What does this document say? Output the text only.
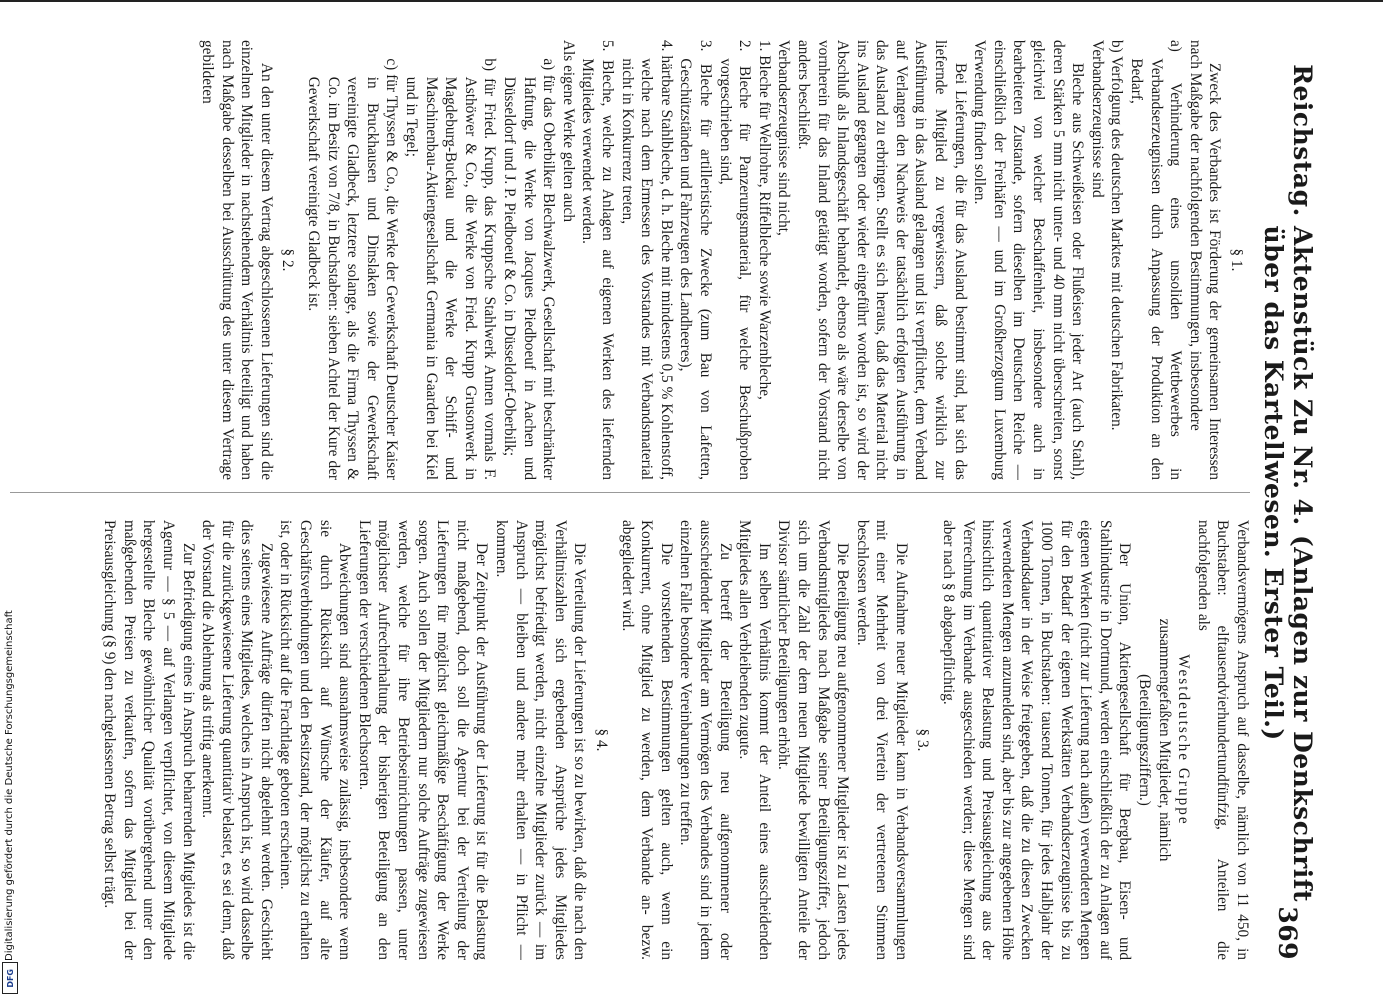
Reichstag. Aktenstück Zu Nr. 4. (Anlagen zur Denkschrift über das Kartellwesen. Erster Teil.)
369

§ 1.

Zweck des Verbandes ist Förderung der gemeinsamen Interessen nach Maßgabe der nachfolgenden Bestimmungen, insbesondere

a) Verhinderung eines unsoliden Wettbewerbes in Verbandserzeugnissen durch Anpassung der Produktion an den Bedarf,

b) Verfolgung des deutschen Marktes mit deutschen Fabrikaten.

Verbandserzeugnisse sind

Bleche aus Schweißeisen oder Flußeisen jeder Art (auch Stahl), deren Stärken 5 mm nicht unter- und 40 mm nicht überschreiten, sonst gleichviel von welcher Beschaffenheit, insbesondere auch in bearbeiteten Zustande, sofern dieselben im Deutschen Reiche — einschließlich der Freihäfen — und im Großherzogtum Luxemburg Verwendung finden sollen.

Bei Lieferungen, die für das Ausland bestimmt sind, hat sich das liefernde Mitglied zu vergewissern, daß solche wirklich zur Ausführung in das Ausland gelangen und ist verpflichtet, dem Verband auf Verlangen den Nachweis der tatsächlich erfolgten Ausführung in das Ausland zu erbringen. Stellt es sich heraus, daß das Material nicht ins Ausland gegangen oder wieder eingeführt worden ist, so wird der Abschluß als Inlandsgeschäft behandelt, ebenso als wäre derselbe von vornherein für das Inland getätigt worden, sofern der Vorstand nicht anders beschließt.

Verbandserzeugnisse sind nicht,

1. Bleche für Wellrohre, Riffelbleche sowie Warzenbleche,

2. Bleche für Panzerungsmaterial, für welche Beschußproben vorgeschrieben sind,

3. Bleche für artilleristische Zwecke (zum Bau von Lafetten, Geschützständen und Fahrzeugen des Landheeres),

4. härtbare Stahlbleche, d. h. Bleche mit mindestens 0,5 % Kohlenstoff, welche nach dem Ermessen des Vorstandes mit Verbandsmaterial nicht in Konkurrenz treten,

5. Bleche, welche zu Anlagen auf eigenen Werken des liefernden Mitgliedes verwendet werden.

Als eigene Werke gelten auch

a) für das Oberbilker Blechwalzwerk, Gesellschaft mit beschränkter Haftung, die Werke von Jacques Piedboeuf in Aachen und Düsseldorf und J. P. Piedboeuf & Co. in Düsseldorf-Oberbilk;

b) für Fried. Krupp, das Kruppsche Stahlwerk Annen vormals F. Asthöwer & Co., die Werke von Fried. Krupp Grusonwerk in Magdeburg-Buckau und die Werke der Schiff- und Maschinenbau-Aktiengesellschaft Germania in Gaarden bei Kiel und in Tegel;

c) für Thyssen & Co., die Werke der Gewerkschaft Deutscher Kaiser in Bruckhausen und Dinslaken sowie der Gewerkschaft vereinigte Gladbeck, letztere solange, als die Firma Thyssen & Co. im Besitz von 7/8, in Buchstaben: sieben Achtel der Kure der Gewerkschaft vereinigte Gladbeck ist.

§ 2.

An den unter diesem Vertrag abgeschlossenen Lieferungen sind die einzelnen Mitglieder in nachstehendem Verhältnis beteiligt und haben nach Maßgabe desselben bei Ausschüttung des unter diesem Vertrage gebildeten

Verbandsvermögens Anspruch auf dasselbe, nämlich von 11 450, in Buchstaben: elftausendvierhundertundfünfzig, Anteilen die nachfolgenden als

Westdeutsche Gruppe

zusammengefaßten Mitglieder, nämlich

(Beteiligungsziffern.)

Der Union, Aktiengesellschaft für Bergbau, Eisen- und Stahlindustrie in Dortmund, werden einschließlich der zu Anlagen auf eigenen Werken (nicht zur Lieferung nach außen) verwendeten Mengen für den Bedarf der eigenen Werkstätten Verbandserzeugnisse bis zu 1000 Tonnen, in Buchstaben: tausend Tonnen, für jedes Halbjahr der Verbandsdauer in der Weise freigegeben, daß die zu diesen Zwecken verwendeten Mengen anzumelden sind, aber bis zur angegebenen Höhe hinsichtlich quantitativer Belastung und Preisausgleichung aus der Verrechnung im Verbande ausgeschieden werden; diese Mengen sind aber nach § 8 abgabepflichtig.

§ 3.

Die Aufnahme neuer Mitglieder kann in Verbandsversammlungen mit einer Mehrheit von drei Viertein der vertretenen Stimmen beschlossen werden.

Die Beteiligung neu aufgenommener Mitglieder ist zu Lasten jedes Verbandsmitgliedes nach Maßgabe seiner Beteiligungsziffer, jedoch sich um die Zahl der dem neuen Mitgliede bewilligten Anteile der Divisor sämtlicher Beteiligungen erhöht.

Im selben Verhältnis kommt der Anteil eines ausscheidenden Mitgliedes allen Verbleibenden zugute.

Zu betreff der Beteiligung neu aufgenommener oder ausscheidender Mitglieder am Vermögen des Verbandes sind in jedem einzelnen Falle besondere Vereinbarungen zu treffen.

Die vorstehenden Bestimmungen gelten auch, wenn ein Konkurrent, ohne Mitglied zu werden, dem Verbande an- bezw. abgegliedert wird.

§ 4.

Die Verteilung der Lieferungen ist so zu bewirken, daß die nach den Verhältniszahlen sich ergebenden Ansprüche jedes Mitgliedes möglichst befriedigt werden, nicht einzelne Mitglieder zurück — im Anspruch — bleiben und andere mehr erhalten — in Pflicht — kommen.

Der Zeitpunkt der Ausführung der Lieferung ist für die Belastung nicht maßgebend, doch soll die Agentur bei der Verteilung der Lieferungen für möglichst gleichmäßige Beschäftigung der Werke sorgen. Auch sollen der Mitgliedern nur solche Aufträge zugewiesen werden, welche für ihre Betriebseinrichtungen passen, unter möglichster Aufrechterhaltung der bisherigen Beteiligung an den Lieferungen der verschiedenen Blechsorten.

Abweichungen sind ausnahmsweise zulässig, insbesondere wenn sie durch Rücksicht auf Wünsche der Käufer, auf alte Geschäftsverbindungen und den Besitzstand, der möglichst zu erhalten ist, oder in Rücksicht auf die Frachtlage geboten erscheinen.

Zugewiesene Aufträge dürfen nicht abgelehnt werden. Geschieht dies seitens eines Mitgliedes, welches in Anspruch ist, so wird dasselbe für die zurückgewiesene Lieferung quantitativ belastet, es sei denn, daß der Vorstand die Ablehnung als triftig anerkennt.

Zur Befriedigung eines in Anspruch beharrenden Mitgliedes ist die Agentur — § 5 — auf Verlangen verpflichtet, von diesem Mitgliede hergestellte Bleche gewöhnlicher Qualität vorübergehend unter den maßgebenden Preisen zu verkaufen, sofern das Mitglied bei der Preisausgleichung (§ 9) den nachgelassenen Betrag selbst trägt.

Digitalisierung gefördert durch die Deutsche Forschungsgemeinschaft
DFG
